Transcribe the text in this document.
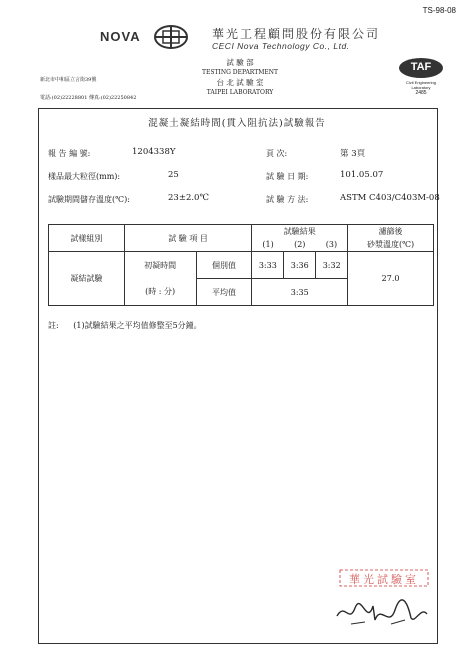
TS-98-08
NOVA	華光工程顧問股份有限公司
CECI Nova Technology Co., Ltd.
試 驗 部
TESTING DEPARTMENT
台 北 試 驗 室
TAIPEI LABORATORY
TAF
Civil Engineering
Laboratory
2485
新北市中和區立言街39號
電話:(02)22228801 傳真:(02)22250842
混凝土凝結時間(貫入阻抗法)試驗報告
報 告 編 號:	1204338Y	頁 次:	第 3頁
樣品最大粒徑(mm):	25	試 驗 日 期:	101.05.07
試驗期間儲存溫度(℃):	23±2.0℃	試 驗 方 法:	ASTM C403/C403M-08
試樣組別	試 驗 項 目		試驗結果			濾篩後
			(1)	(2)	(3)	砂漿溫度(℃)
凝結試驗	初凝時間	個別值	3:33	3:36	3:32	27.0
	(時 : 分)	平均值	3:35			
註: (1)試驗結果之平均值修整至5分鐘。
華光試驗室
